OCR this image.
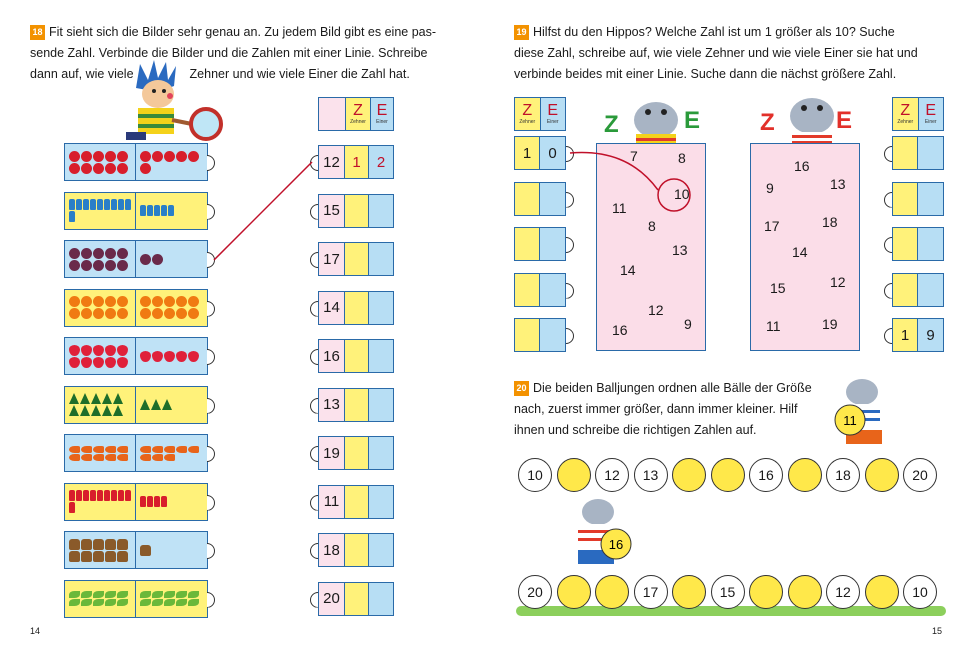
18 Fit sieht sich die Bilder sehr genau an. Zu jedem Bild gibt es eine pas-
sende Zahl. Verbinde die Bilder und die Zahlen mit einer Linie. Schreibe
dann auf, wie viele	Zehner und wie viele Einer die Zahl hat.
Z
Zehner
E
Einer
12 1	2
15
17
14
16
13
19
11
18
20
14
19 Hilfst du den Hippos? Welche Zahl ist um 1 größer als 10? Suche
diese Zahl, schreibe auf, wie viele Zehner und wie viele Einer sie hat und
verbinde beides mit einer Linie. Suche dann die nächst größere Zahl.
Z
Zehner
E
Einer
Z
Zehner
E
Einer
1	0
1	9
Z	E Z	E
7	8
10
11
8
13
14
12
9
16
16
13
9
17	18
14
15	12
11	19
20 Die beiden Balljungen ordnen alle Bälle der Größe
nach, zuerst immer größer, dann immer kleiner. Hilf
ihnen und schreibe die richtigen Zahlen auf.
11
16
10	12	13	16	18	20
20	17	15	12	10
15
